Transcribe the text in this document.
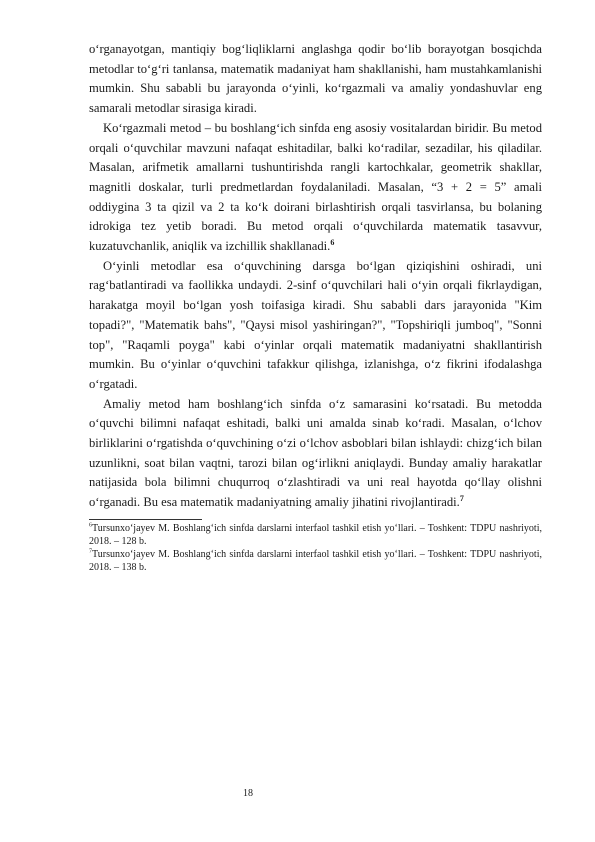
o‘rganayotgan, mantiqiy bog‘liqliklarni anglashga qodir bo‘lib borayotgan bosqichda metodlar to‘g‘ri tanlansa, matematik madaniyat ham shakllanishi, ham mustahkamlanishi mumkin. Shu sababli bu jarayonda o‘yinli, ko‘rgazmali va amaliy yondashuvlar eng samarali metodlar sirasiga kiradi.

Ko‘rgazmali metod – bu boshlang‘ich sinfda eng asosiy vositalardan biridir. Bu metod orqali o‘quvchilar mavzuni nafaqat eshitadilar, balki ko‘radilar, sezadilar, his qiladilar. Masalan, arifmetik amallarni tushuntirishda rangli kartochkalar, geometrik shakllar, magnitli doskalar, turli predmetlardan foydalaniladi. Masalan, “3 + 2 = 5” amali oddiygina 3 ta qizil va 2 ta ko‘k doirani birlashtirish orqali tasvirlansa, bu bolaning idrokiga tez yetib boradi. Bu metod orqali o‘quvchilarda matematik tasavvur, kuzatuvchanlik, aniqlik va izchillik shakllanadi.$^6$

O‘yinli metodlar esa o‘quvchining darsga bo‘lgan qiziqishini oshiradi, uni rag‘batlantiradi va faollikka undaydi. 2-sinf o‘quvchilari hali o‘yin orqali fikrlaydigan, harakatga moyil bo‘lgan yosh toifasiga kiradi. Shu sababli dars jarayonida "Kim topadi?", "Matematik bahs", "Qaysi misol yashiringan?", "Topshiriqli jumboq", "Sonni top", "Raqamli poyga" kabi o‘yinlar orqali matematik madaniyatni shakllantirish mumkin. Bu o‘yinlar o‘quvchini tafakkur qilishga, izlanishga, o‘z fikrini ifodalashga o‘rgatadi.

Amaliy metod ham boshlang‘ich sinfda o‘z samarasini ko‘rsatadi. Bu metodda o‘quvchi bilimni nafaqat eshitadi, balki uni amalda sinab ko‘radi. Masalan, o‘lchov birliklarini o‘rgatishda o‘quvchining o‘zi o‘lchov asboblari bilan ishlaydi: chizg‘ich bilan uzunlikni, soat bilan vaqtni, tarozi bilan og‘irlikni aniqlaydi. Bunday amaliy harakatlar natijasida bola bilimni chuqurroq o‘zlashtiradi va uni real hayotda qo‘llay olishni o‘rganadi. Bu esa matematik madaniyatning amaliy jihatini rivojlantiradi.$^7$

$^6$Tursunxo‘jayev M. Boshlang‘ich sinfda darslarni interfaol tashkil etish yo‘llari. – Toshkent: TDPU nashriyoti, 2018. – 128 b.

$^7$Tursunxo‘jayev M. Boshlang‘ich sinfda darslarni interfaol tashkil etish yo‘llari. – Toshkent: TDPU nashriyoti, 2018. – 138 b.

18
